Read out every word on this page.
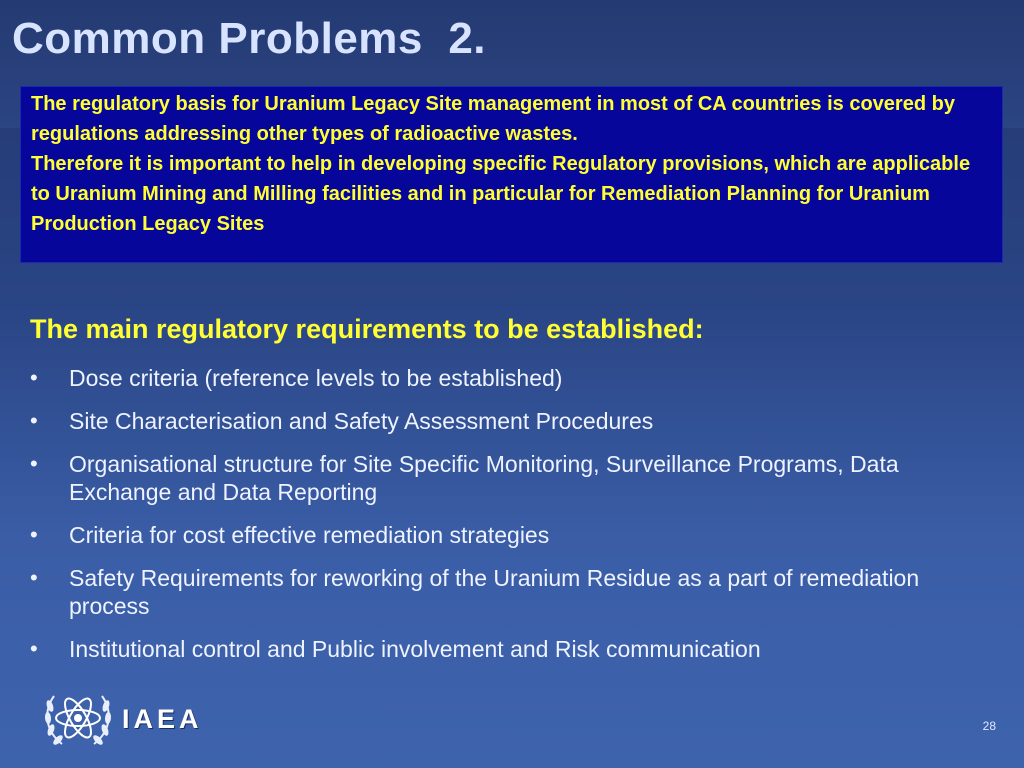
Common Problems  2.

The regulatory basis for Uranium Legacy Site management in most of CA countries is covered by regulations addressing other types of radioactive wastes.

Therefore it is important to help in developing specific Regulatory provisions, which are applicable to Uranium Mining and Milling facilities and in particular for Remediation Planning for Uranium Production Legacy Sites

The main regulatory requirements to be established:
• Dose criteria (reference levels to be established)
• Site Characterisation and Safety Assessment Procedures
• Organisational structure for Site Specific Monitoring, Surveillance Programs, Data Exchange and Data Reporting
• Criteria for cost effective remediation strategies
• Safety Requirements for reworking of the Uranium Residue as a part of remediation process
• Institutional control and Public involvement and Risk communication
IAEA	28
